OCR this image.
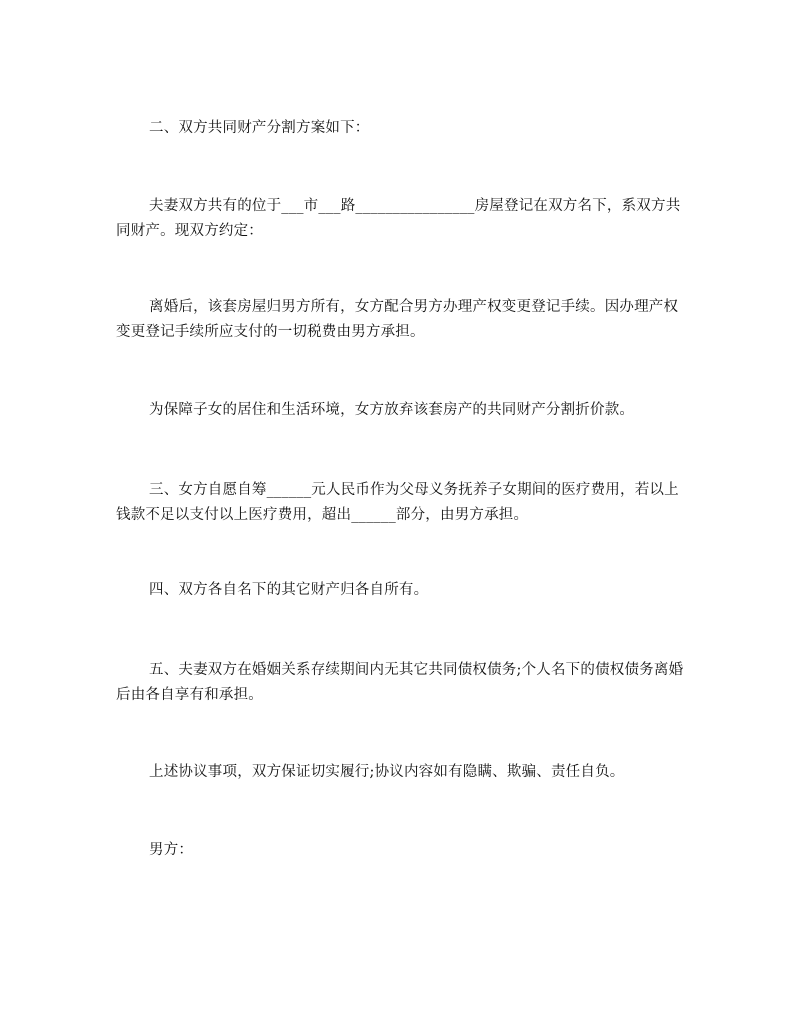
二、双方共同财产分割方案如下：

夫妻双方共有的位于___市___路________________房屋登记在双方名下，系双方共同财产。现双方约定：

离婚后，该套房屋归男方所有，女方配合男方办理产权变更登记手续。因办理产权变更登记手续所应支付的一切税费由男方承担。

为保障子女的居住和生活环境，女方放弃该套房产的共同财产分割折价款。

三、女方自愿自筹______元人民币作为父母义务抚养子女期间的医疗费用，若以上钱款不足以支付以上医疗费用，超出______部分，由男方承担。

四、双方各自名下的其它财产归各自所有。

五、夫妻双方在婚姻关系存续期间内无其它共同债权债务;个人名下的债权债务离婚后由各自享有和承担。

上述协议事项，双方保证切实履行;协议内容如有隐瞒、欺骗、责任自负。

男方：
